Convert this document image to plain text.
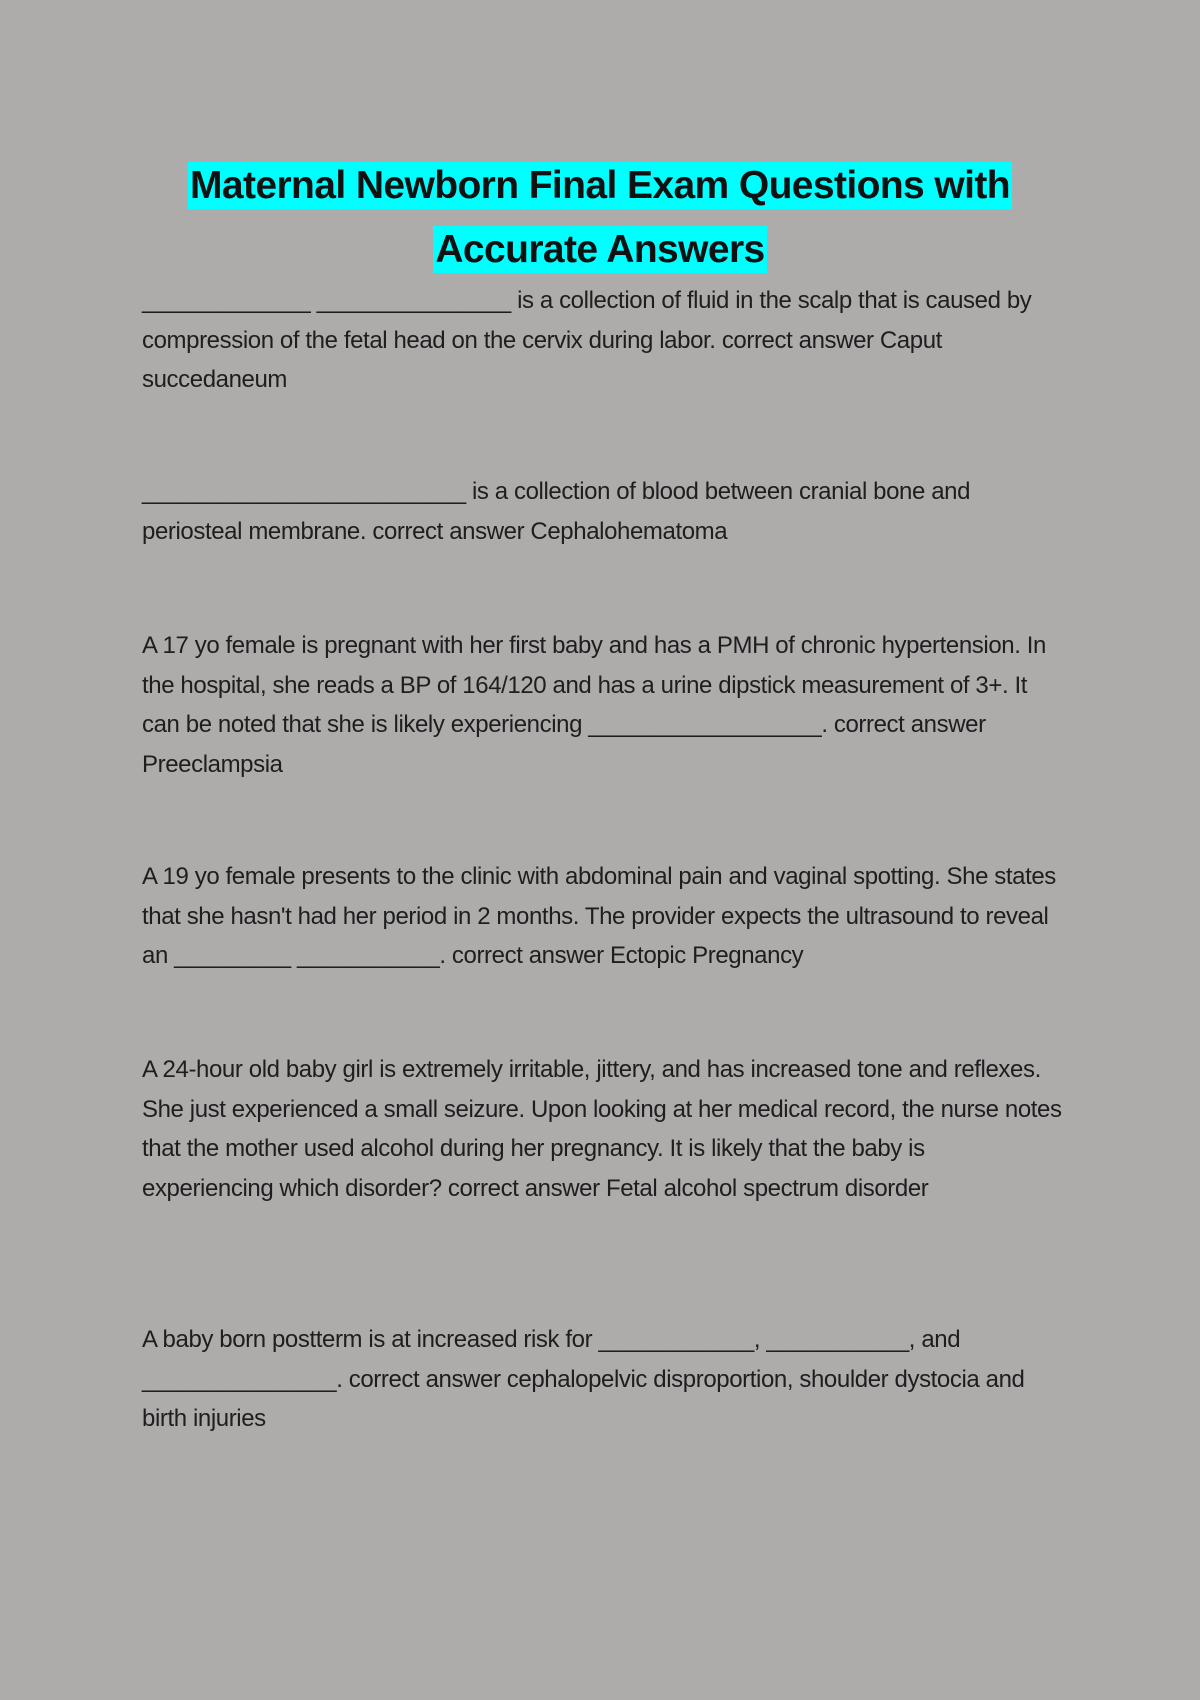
Maternal Newborn Final Exam Questions with Accurate Answers

_____________ _______________ is a collection of fluid in the scalp that is caused by compression of the fetal head on the cervix during labor. correct answer Caput succedaneum

_________________________ is a collection of blood between cranial bone and periosteal membrane. correct answer Cephalohematoma

A 17 yo female is pregnant with her first baby and has a PMH of chronic hypertension. In the hospital, she reads a BP of 164/120 and has a urine dipstick measurement of 3+. It can be noted that she is likely experiencing __________________. correct answer Preeclampsia

A 19 yo female presents to the clinic with abdominal pain and vaginal spotting. She states that she hasn't had her period in 2 months. The provider expects the ultrasound to reveal an _________ ___________. correct answer Ectopic Pregnancy

A 24-hour old baby girl is extremely irritable, jittery, and has increased tone and reflexes. She just experienced a small seizure. Upon looking at her medical record, the nurse notes that the mother used alcohol during her pregnancy. It is likely that the baby is experiencing which disorder? correct answer Fetal alcohol spectrum disorder

A baby born postterm is at increased risk for ____________, ___________, and _______________. correct answer cephalopelvic disproportion, shoulder dystocia and birth injuries
